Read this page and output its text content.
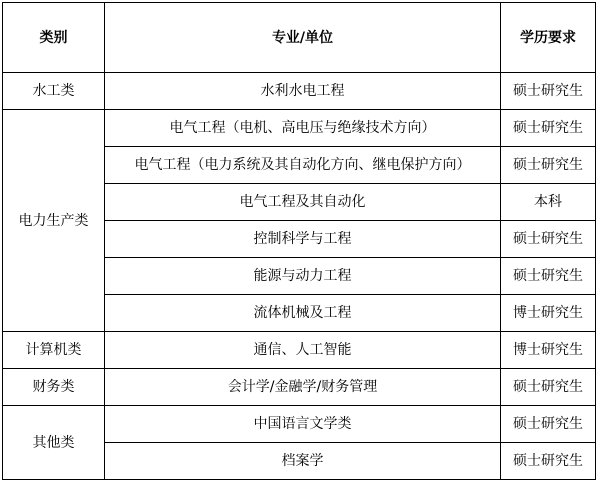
类别	专业/单位	学历要求
水工类	水利水电工程	硕士研究生
电力生产类	电气工程（电机、高电压与绝缘技术方向）	硕士研究生
	电气工程（电力系统及其自动化方向、继电保护方向）	硕士研究生
	电气工程及其自动化	本科
	控制科学与工程	硕士研究生
	能源与动力工程	硕士研究生
	流体机械及工程	博士研究生
计算机类	通信、人工智能	博士研究生
财务类	会计学/金融学/财务管理	硕士研究生
其他类	中国语言文学类	硕士研究生
	档案学	硕士研究生
